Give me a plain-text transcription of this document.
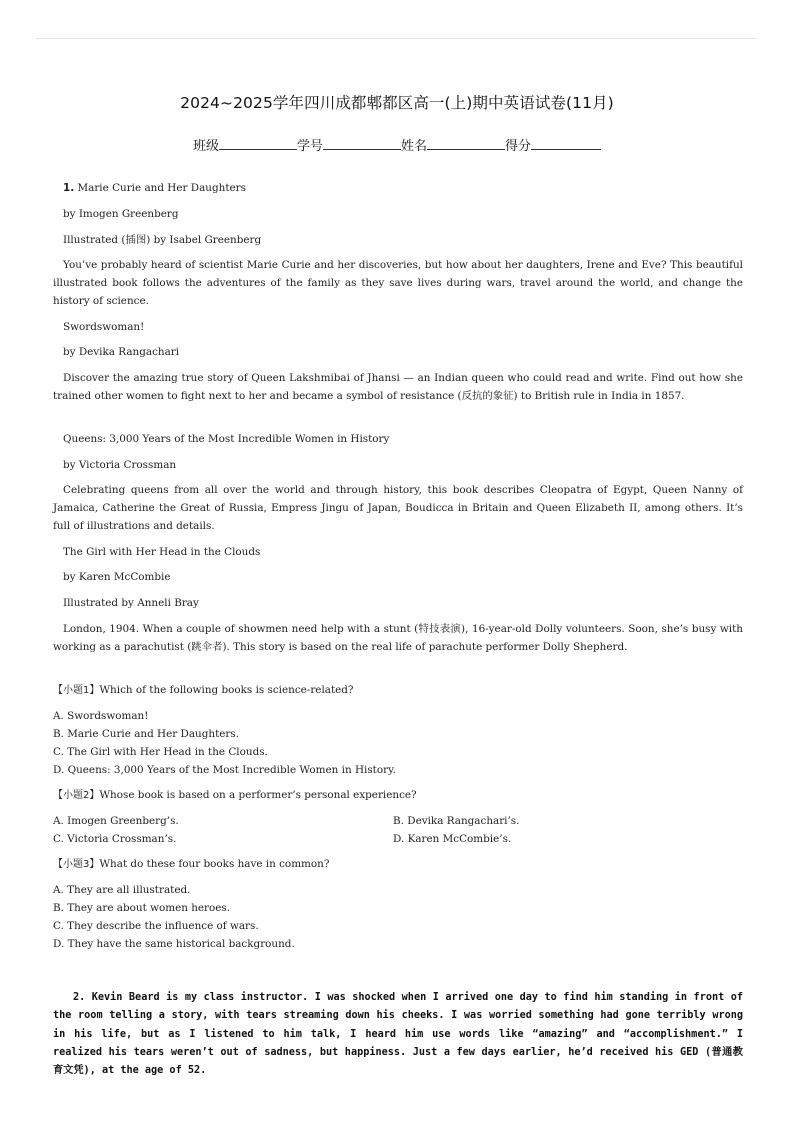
2024~2025学年四川成都郫都区高一(上)期中英语试卷(11月)
班级	学号	姓名	得分
1. Marie Curie and Her Daughters
by Imogen Greenberg
Illustrated (插图) by Isabel Greenberg
You’ve probably heard of scientist Marie Curie and her discoveries, but how about her daughters, Irene and Eve? This beautiful illustrated book follows the adventures of the family as they save lives during wars, travel around the world, and change the history of science.
Swordswoman!
by Devika Rangachari
Discover the amazing true story of Queen Lakshmibai of Jhansi — an Indian queen who could read and write. Find out how she trained other women to fight next to her and became a symbol of resistance (反抗的象征) to British rule in India in 1857.
Queens: 3,000 Years of the Most Incredible Women in History
by Victoria Crossman
Celebrating queens from all over the world and through history, this book describes Cleopatra of Egypt, Queen Nanny of Jamaica, Catherine the Great of Russia, Empress Jingu of Japan, Boudicca in Britain and Queen Elizabeth II, among others. It’s full of illustrations and details.
The Girl with Her Head in the Clouds
by Karen McCombie
Illustrated by Anneli Bray
London, 1904. When a couple of showmen need help with a stunt (特技表演), 16-year-old Dolly volunteers. Soon, she’s busy with working as a parachutist (跳伞者). This story is based on the real life of parachute performer Dolly Shepherd.
【小题1】Which of the following books is science-related?
A. Swordswoman!
B. Marie Curie and Her Daughters.
C. The Girl with Her Head in the Clouds.
D. Queens: 3,000 Years of the Most Incredible Women in History.
【小题2】Whose book is based on a performer’s personal experience?
A. Imogen Greenberg’s.	B. Devika Rangachari’s.
C. Victoria Crossman’s.	D. Karen McCombie’s.
【小题3】What do these four books have in common?
A. They are all illustrated.
B. They are about women heroes.
C. They describe the influence of wars.
D. They have the same historical background.
2. Kevin Beard is my class instructor. I was shocked when I arrived one day to find him standing in front of the room telling a story, with tears streaming down his cheeks. I was worried something had gone terribly wrong in his life, but as I listened to him talk, I heard him use words like “amazing” and “accomplishment.” I realized his tears weren’t out of sadness, but happiness. Just a few days earlier, he’d received his GED (普通教育文凭), at the age of 52.
